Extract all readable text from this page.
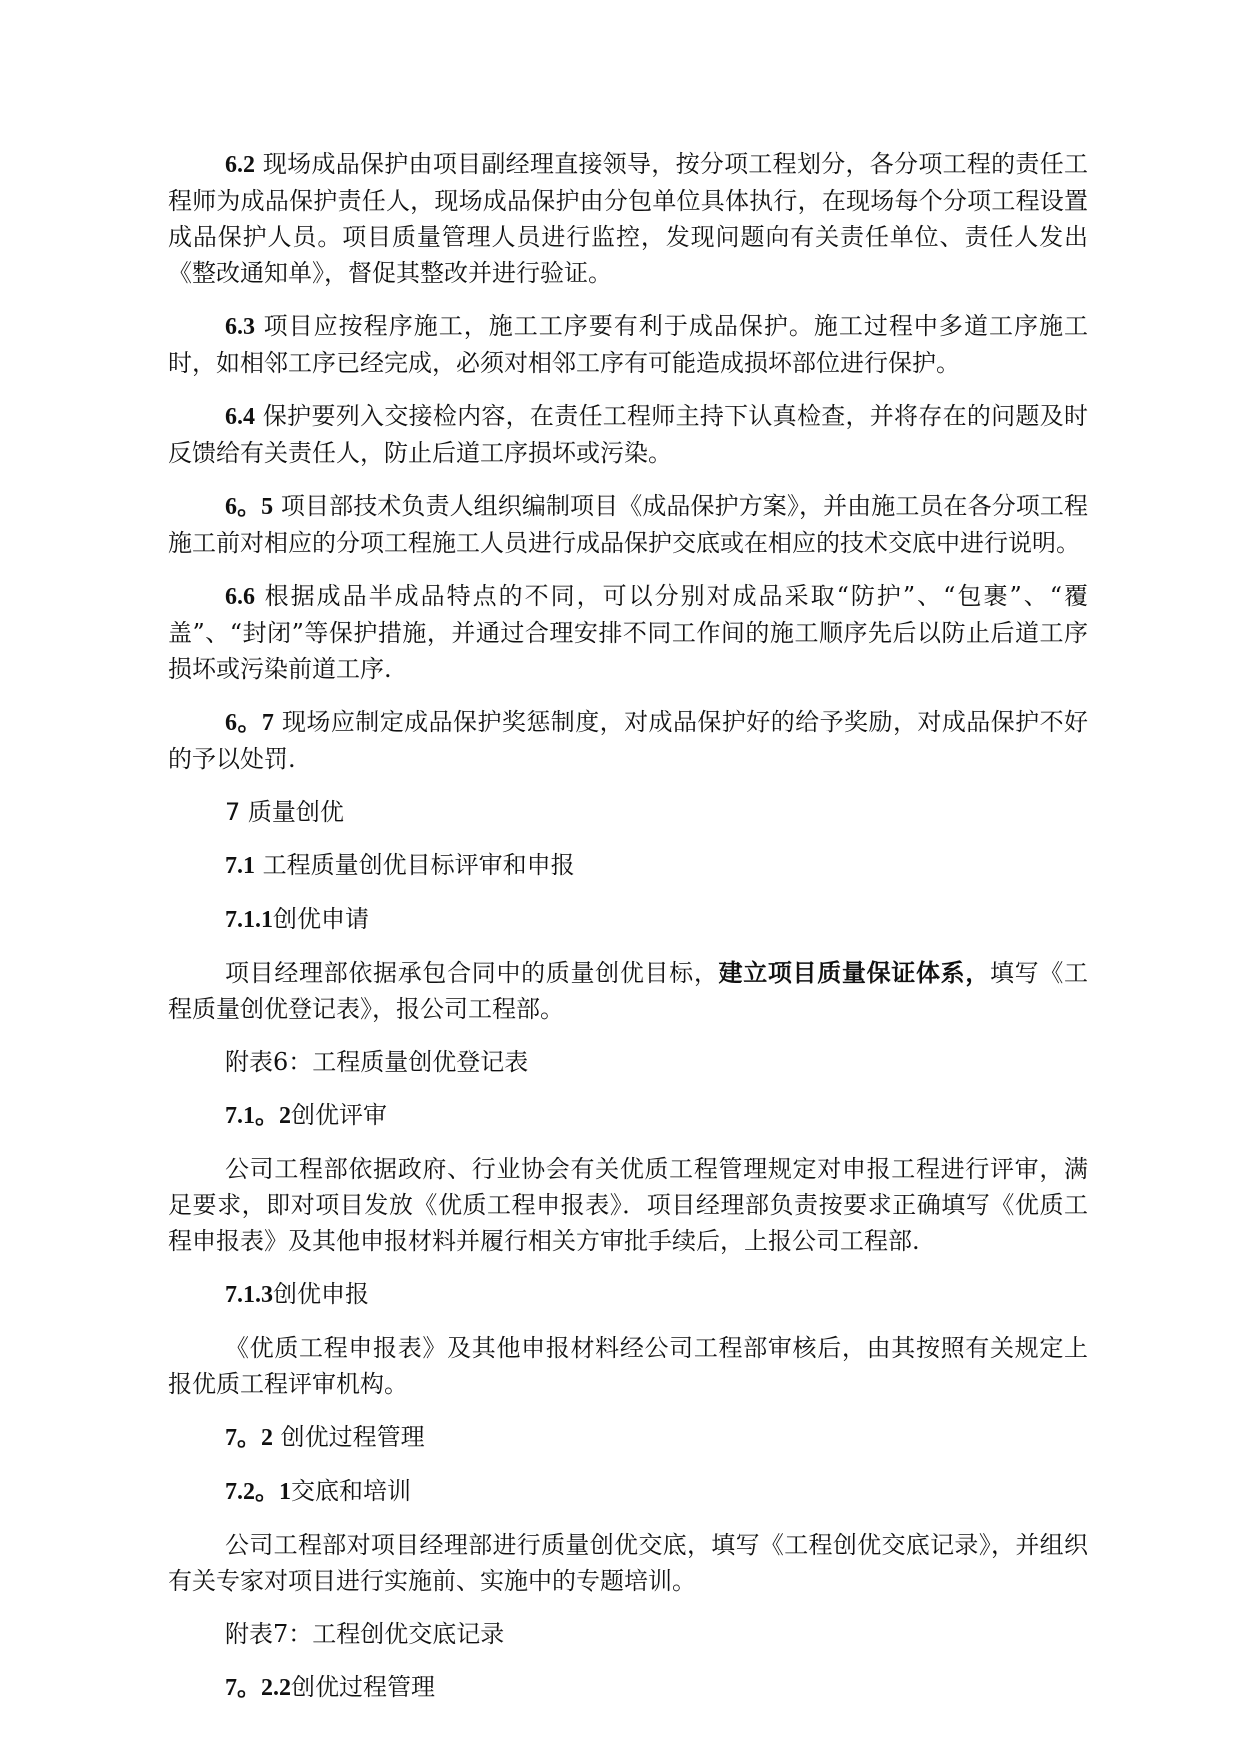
6.2 现场成品保护由项目副经理直接领导，按分项工程划分，各分项工程的责任工程师为成品保护责任人，现场成品保护由分包单位具体执行，在现场每个分项工程设置成品保护人员。项目质量管理人员进行监控，发现问题向有关责任单位、责任人发出《整改通知单》，督促其整改并进行验证。

6.3 项目应按程序施工，施工工序要有利于成品保护。施工过程中多道工序施工时，如相邻工序已经完成，必须对相邻工序有可能造成损坏部位进行保护。

6.4 保护要列入交接检内容，在责任工程师主持下认真检查，并将存在的问题及时反馈给有关责任人，防止后道工序损坏或污染。

6。5 项目部技术负责人组织编制项目《成品保护方案》，并由施工员在各分项工程施工前对相应的分项工程施工人员进行成品保护交底或在相应的技术交底中进行说明。

6.6 根据成品半成品特点的不同，可以分别对成品采取“防护”、“包裹”、“覆盖”、“封闭”等保护措施，并通过合理安排不同工作间的施工顺序先后以防止后道工序损坏或污染前道工序.

6。7 现场应制定成品保护奖惩制度，对成品保护好的给予奖励，对成品保护不好的予以处罚.

7 质量创优

7.1 工程质量创优目标评审和申报

7.1.1创优申请

项目经理部依据承包合同中的质量创优目标，建立项目质量保证体系，填写《工程质量创优登记表》，报公司工程部。

附表6：工程质量创优登记表

7.1。2创优评审

公司工程部依据政府、行业协会有关优质工程管理规定对申报工程进行评审，满足要求，即对项目发放《优质工程申报表》．项目经理部负责按要求正确填写《优质工程申报表》及其他申报材料并履行相关方审批手续后，上报公司工程部.

7.1.3创优申报

《优质工程申报表》及其他申报材料经公司工程部审核后，由其按照有关规定上报优质工程评审机构。

7。2 创优过程管理

7.2。1交底和培训

公司工程部对项目经理部进行质量创优交底，填写《工程创优交底记录》，并组织有关专家对项目进行实施前、实施中的专题培训。

附表7：工程创优交底记录

7。2.2创优过程管理
